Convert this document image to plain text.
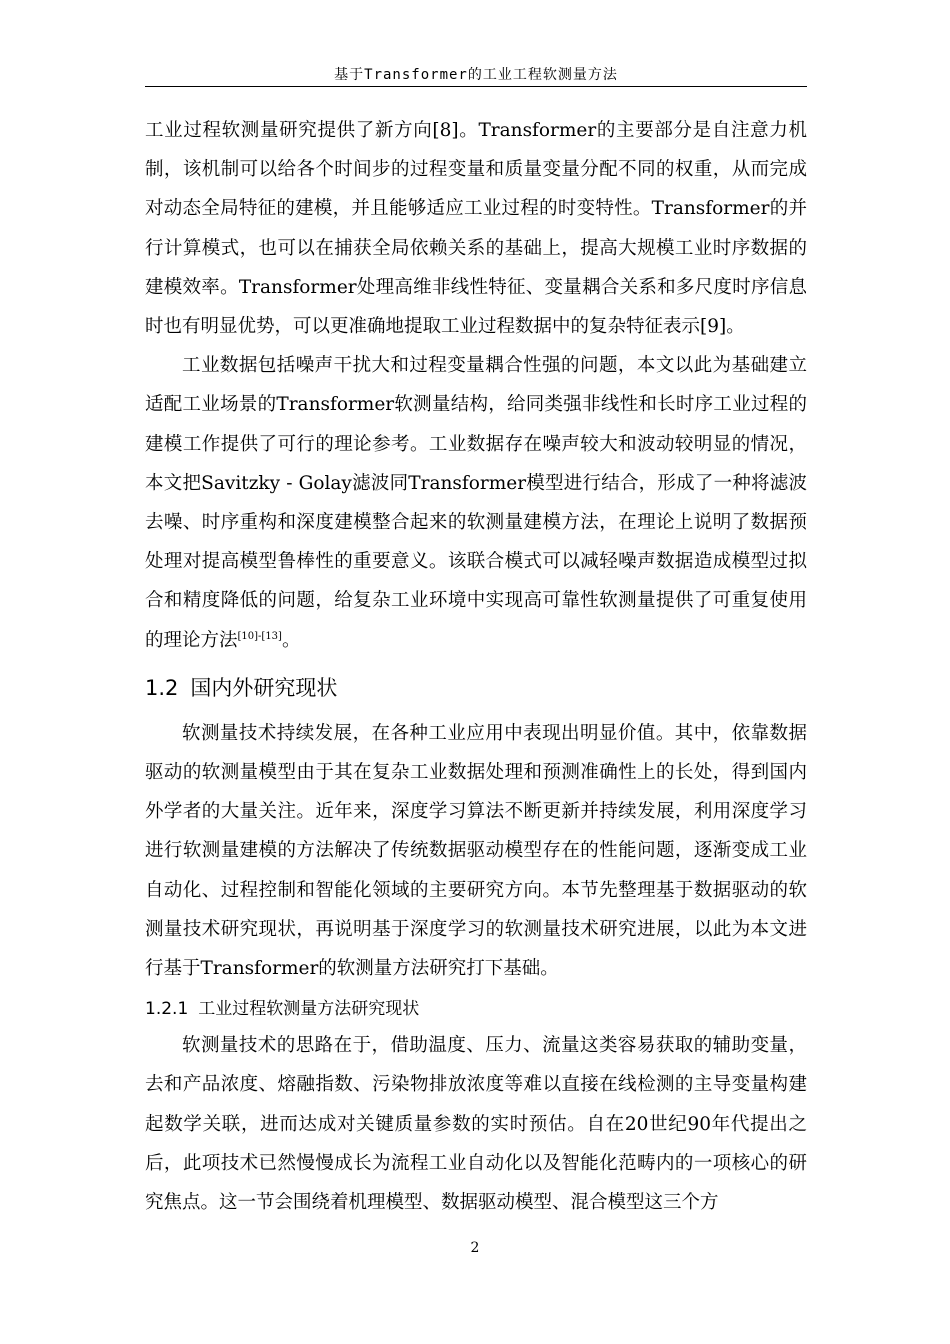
基于Transformer的工业工程软测量方法

工业过程软测量研究提供了新方向[8]。Transformer的主要部分是自注意力机制，该机制可以给各个时间步的过程变量和质量变量分配不同的权重，从而完成对动态全局特征的建模，并且能够适应工业过程的时变特性。Transformer的并行计算模式，也可以在捕获全局依赖关系的基础上，提高大规模工业时序数据的建模效率。Transformer处理高维非线性特征、变量耦合关系和多尺度时序信息时也有明显优势，可以更准确地提取工业过程数据中的复杂特征表示[9]。

工业数据包括噪声干扰大和过程变量耦合性强的问题，本文以此为基础建立适配工业场景的Transformer软测量结构，给同类强非线性和长时序工业过程的建模工作提供了可行的理论参考。工业数据存在噪声较大和波动较明显的情况，本文把Savitzky - Golay滤波同Transformer模型进行结合，形成了一种将滤波去噪、时序重构和深度建模整合起来的软测量建模方法，在理论上说明了数据预处理对提高模型鲁棒性的重要意义。该联合模式可以减轻噪声数据造成模型过拟合和精度降低的问题，给复杂工业环境中实现高可靠性软测量提供了可重复使用的理论方法[10]-[13]。

1.2 国内外研究现状

软测量技术持续发展，在各种工业应用中表现出明显价值。其中，依靠数据驱动的软测量模型由于其在复杂工业数据处理和预测准确性上的长处，得到国内外学者的大量关注。近年来，深度学习算法不断更新并持续发展，利用深度学习进行软测量建模的方法解决了传统数据驱动模型存在的性能问题，逐渐变成工业自动化、过程控制和智能化领域的主要研究方向。本节先整理基于数据驱动的软测量技术研究现状，再说明基于深度学习的软测量技术研究进展，以此为本文进行基于Transformer的软测量方法研究打下基础。

1.2.1 工业过程软测量方法研究现状

软测量技术的思路在于，借助温度、压力、流量这类容易获取的辅助变量，去和产品浓度、熔融指数、污染物排放浓度等难以直接在线检测的主导变量构建起数学关联，进而达成对关键质量参数的实时预估。自在20世纪90年代提出之后，此项技术已然慢慢成长为流程工业自动化以及智能化范畴内的一项核心的研究焦点。这一节会围绕着机理模型、数据驱动模型、混合模型这三个方

2
